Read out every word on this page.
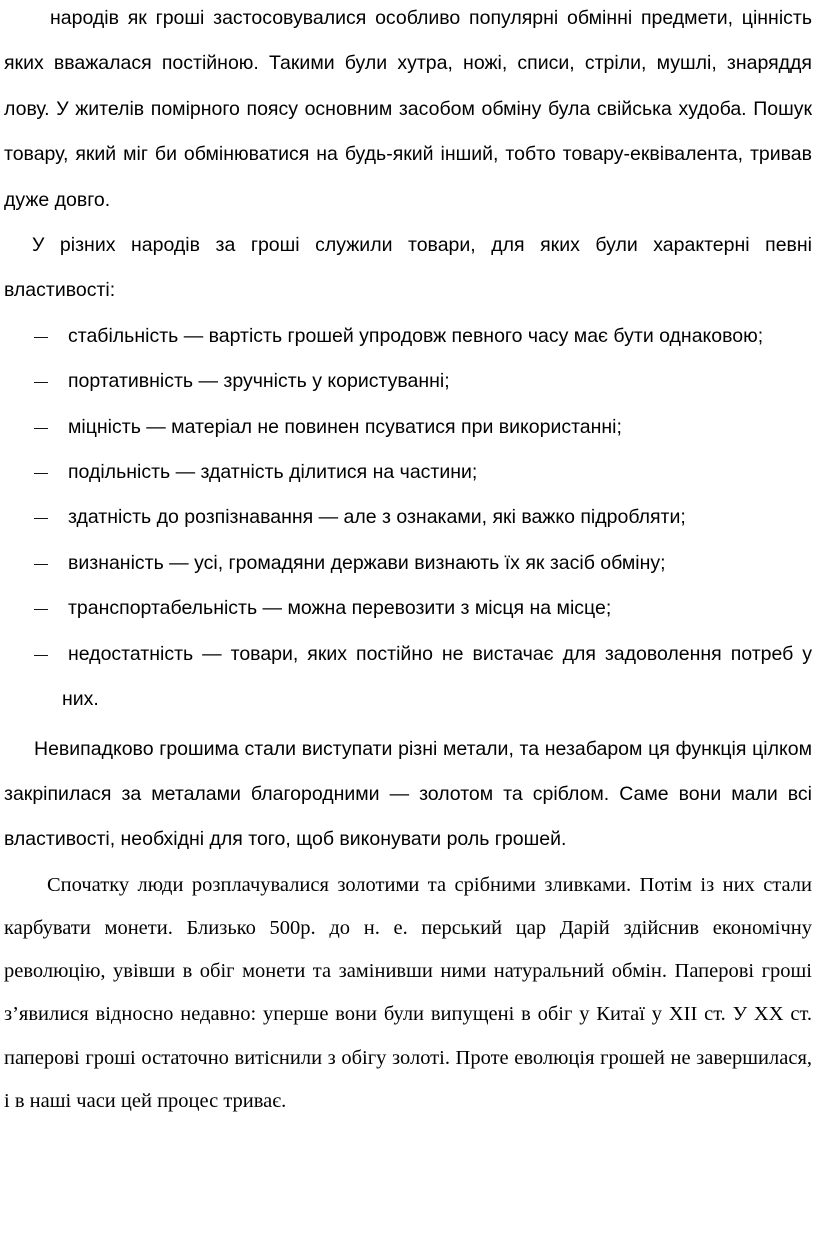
народів як гроші застосовувалися особливо популярні обмінні предмети, цінність яких вважалася постійною. Такими були хутра, ножі, списи, стріли, мушлі, знаряддя лову. У жителів помірного поясу основним засобом обміну була свійська худоба. Пошук товару, який міг би обмінюватися на будь-який інший, тобто товару-еквівалента, тривав дуже довго.

У різних народів за гроші служили товари, для яких були характерні певні властивості:

— стабільність — вартість грошей упродовж певного часу має бути однаковою;
— портативність — зручність у користуванні;
— міцність — матеріал не повинен псуватися при використанні;
— подільність — здатність ділитися на частини;
— здатність до розпізнавання — але з ознаками, які важко підробляти;
— визнаність — усі, громадяни держави визнають їх як засіб обміну;
— транспортабельність — можна перевозити з місця на місце;
— недостатність — товари, яких постійно не вистачає для задоволення потреб у них.

Невипадково грошима стали виступати різні метали, та незабаром ця функція цілком закріпилася за металами благородними — золотом та сріблом. Саме вони мали всі властивості, необхідні для того, щоб виконувати роль грошей.

Спочатку люди розплачувалися золотими та срібними зливками. Потім із них стали карбувати монети. Близько 500р. до н. е. перський цар Дарій здійснив економічну революцію, увівши в обіг монети та замінивши ними натуральний обмін. Паперові гроші з’явилися відносно недавно: уперше вони були випущені в обіг у Китаї у XII ст. У XX ст. паперові гроші остаточно витіснили з обігу золоті. Проте еволюція грошей не завершилася, і в наші часи цей процес триває.
